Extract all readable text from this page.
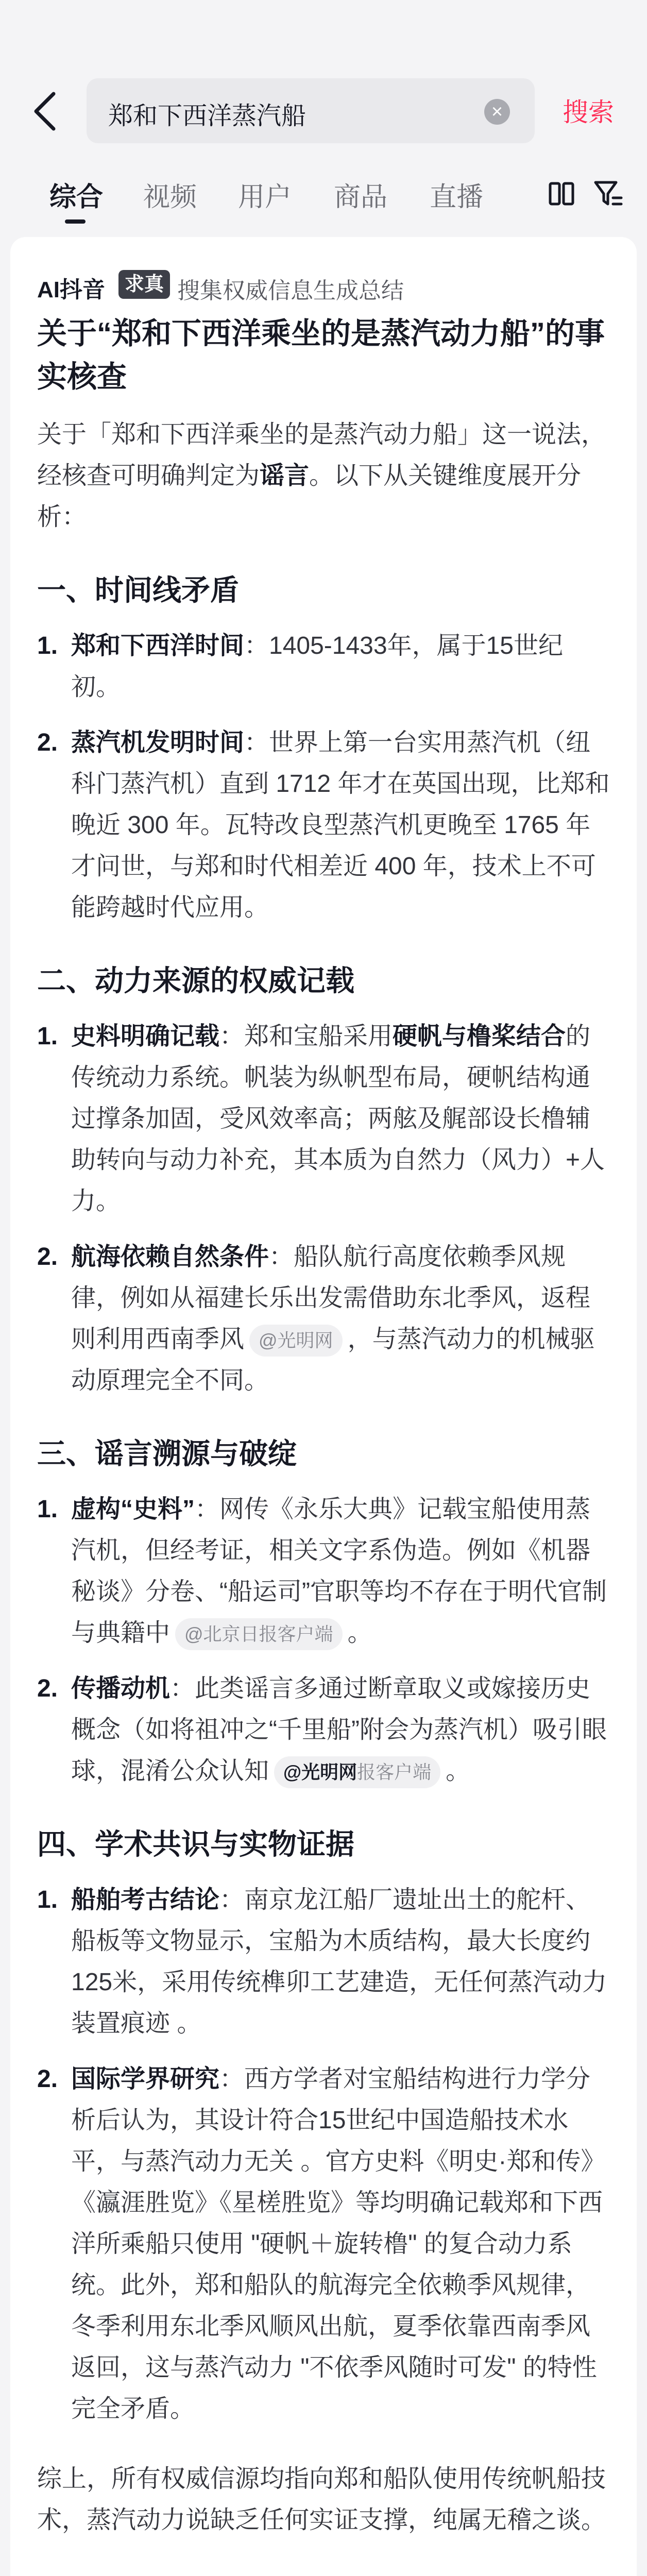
郑和下西洋蒸汽船	× 搜索
综合 视频 用户 商品 直播
AI抖音	求真 搜集权威信息生成总结
关于“郑和下西洋乘坐的是蒸汽动力船”的事实核查

关于「郑和下西洋乘坐的是蒸汽动力船」这一说法，经核查可明确判定为谣言。以下从关键维度展开分析：

一、时间线矛盾
1. 郑和下西洋时间：1405-1433年，属于15世纪初。
2. 蒸汽机发明时间：世界上第一台实用蒸汽机（纽科门蒸汽机）直到 1712 年才在英国出现，比郑和晚近 300 年。瓦特改良型蒸汽机更晚至 1765 年才问世，与郑和时代相差近 400 年，技术上不可能跨越时代应用。
二、动力来源的权威记载
1. 史料明确记载：郑和宝船采用硬帆与橹桨结合的传统动力系统。帆装为纵帆型布局，硬帆结构通过撑条加固，受风效率高；两舷及艉部设长橹辅助转向与动力补充，其本质为自然力（风力）+人力。
2. 航海依赖自然条件：船队航行高度依赖季风规律，例如从福建长乐出发需借助东北季风，返程则利用西南季风 @光明网 ，与蒸汽动力的机械驱动原理完全不同。
三、谣言溯源与破绽
1. 虚构“史料”：网传《永乐大典》记载宝船使用蒸汽机，但经考证，相关文字系伪造。例如《机器秘谈》分卷、“船运司”官职等均不存在于明代官制与典籍中 @北京日报客户端 。
2. 传播动机：此类谣言多通过断章取义或嫁接历史概念（如将祖冲之“千里船”附会为蒸汽机）吸引眼球，混淆公众认知 @光明网报客户端 。
四、学术共识与实物证据
1. 船舶考古结论：南京龙江船厂遗址出土的舵杆、船板等文物显示，宝船为木质结构，最大长度约125米，采用传统榫卯工艺建造，无任何蒸汽动力装置痕迹 。
2. 国际学界研究：西方学者对宝船结构进行力学分析后认为，其设计符合15世纪中国造船技术水平，与蒸汽动力无关 。官方史料《明史·郑和传》《瀛涯胜览》《星槎胜览》等均明确记载郑和下西洋所乘船只使用 "硬帆＋旋转橹" 的复合动力系统。此外，郑和船队的航海完全依赖季风规律，冬季利用东北季风顺风出航，夏季依靠西南季风返回，这与蒸汽动力 "不依季风随时可发" 的特性完全矛盾。

综上，所有权威信源均指向郑和船队使用传统帆船技术，蒸汽动力说缺乏任何实证支撑，纯属无稽之谈。
